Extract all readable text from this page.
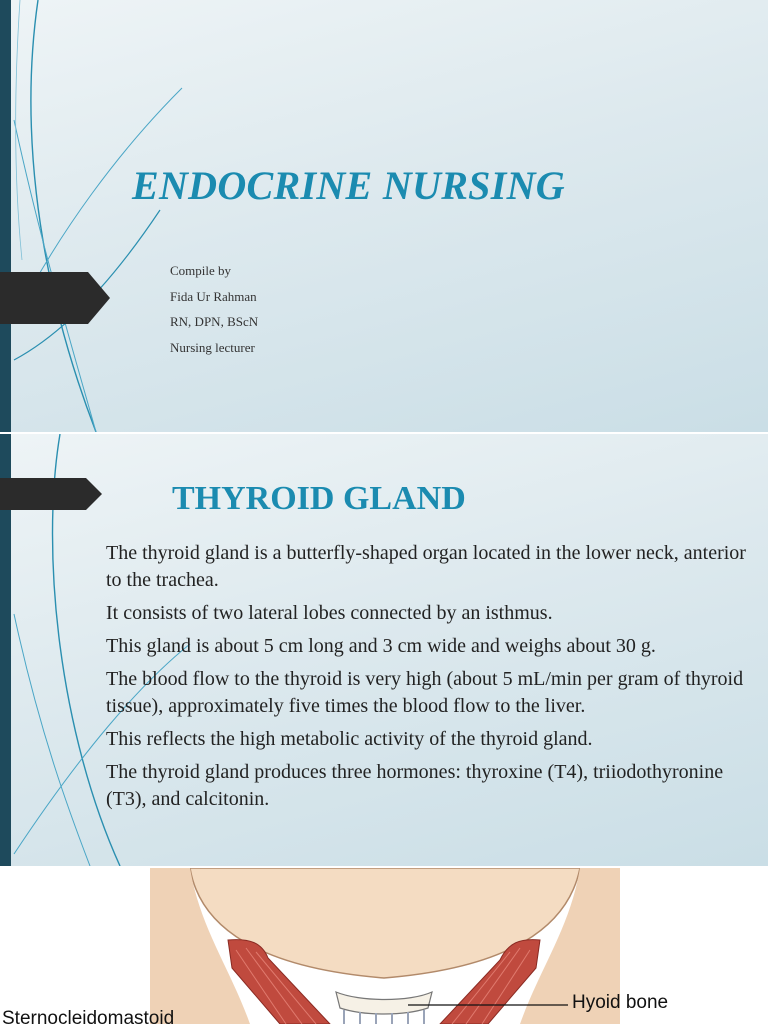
ENDOCRINE NURSING
Compile by
Fida Ur Rahman
RN, DPN, BScN
Nursing lecturer
THYROID GLAND
The thyroid gland is a butterfly-shaped organ located in the lower neck, anterior to the trachea.
It consists of two lateral lobes connected by an isthmus.
This gland is about 5 cm long and 3 cm wide and weighs about 30 g.
The blood flow to the thyroid is very high (about 5 mL/min per gram of thyroid tissue), approximately five times the blood flow to the liver.
This reflects the high metabolic activity of the thyroid gland.
The thyroid gland produces three hormones: thyroxine (T4), triiodothyronine (T3), and calcitonin.
Hyoid bone
Sternocleidomastoid
